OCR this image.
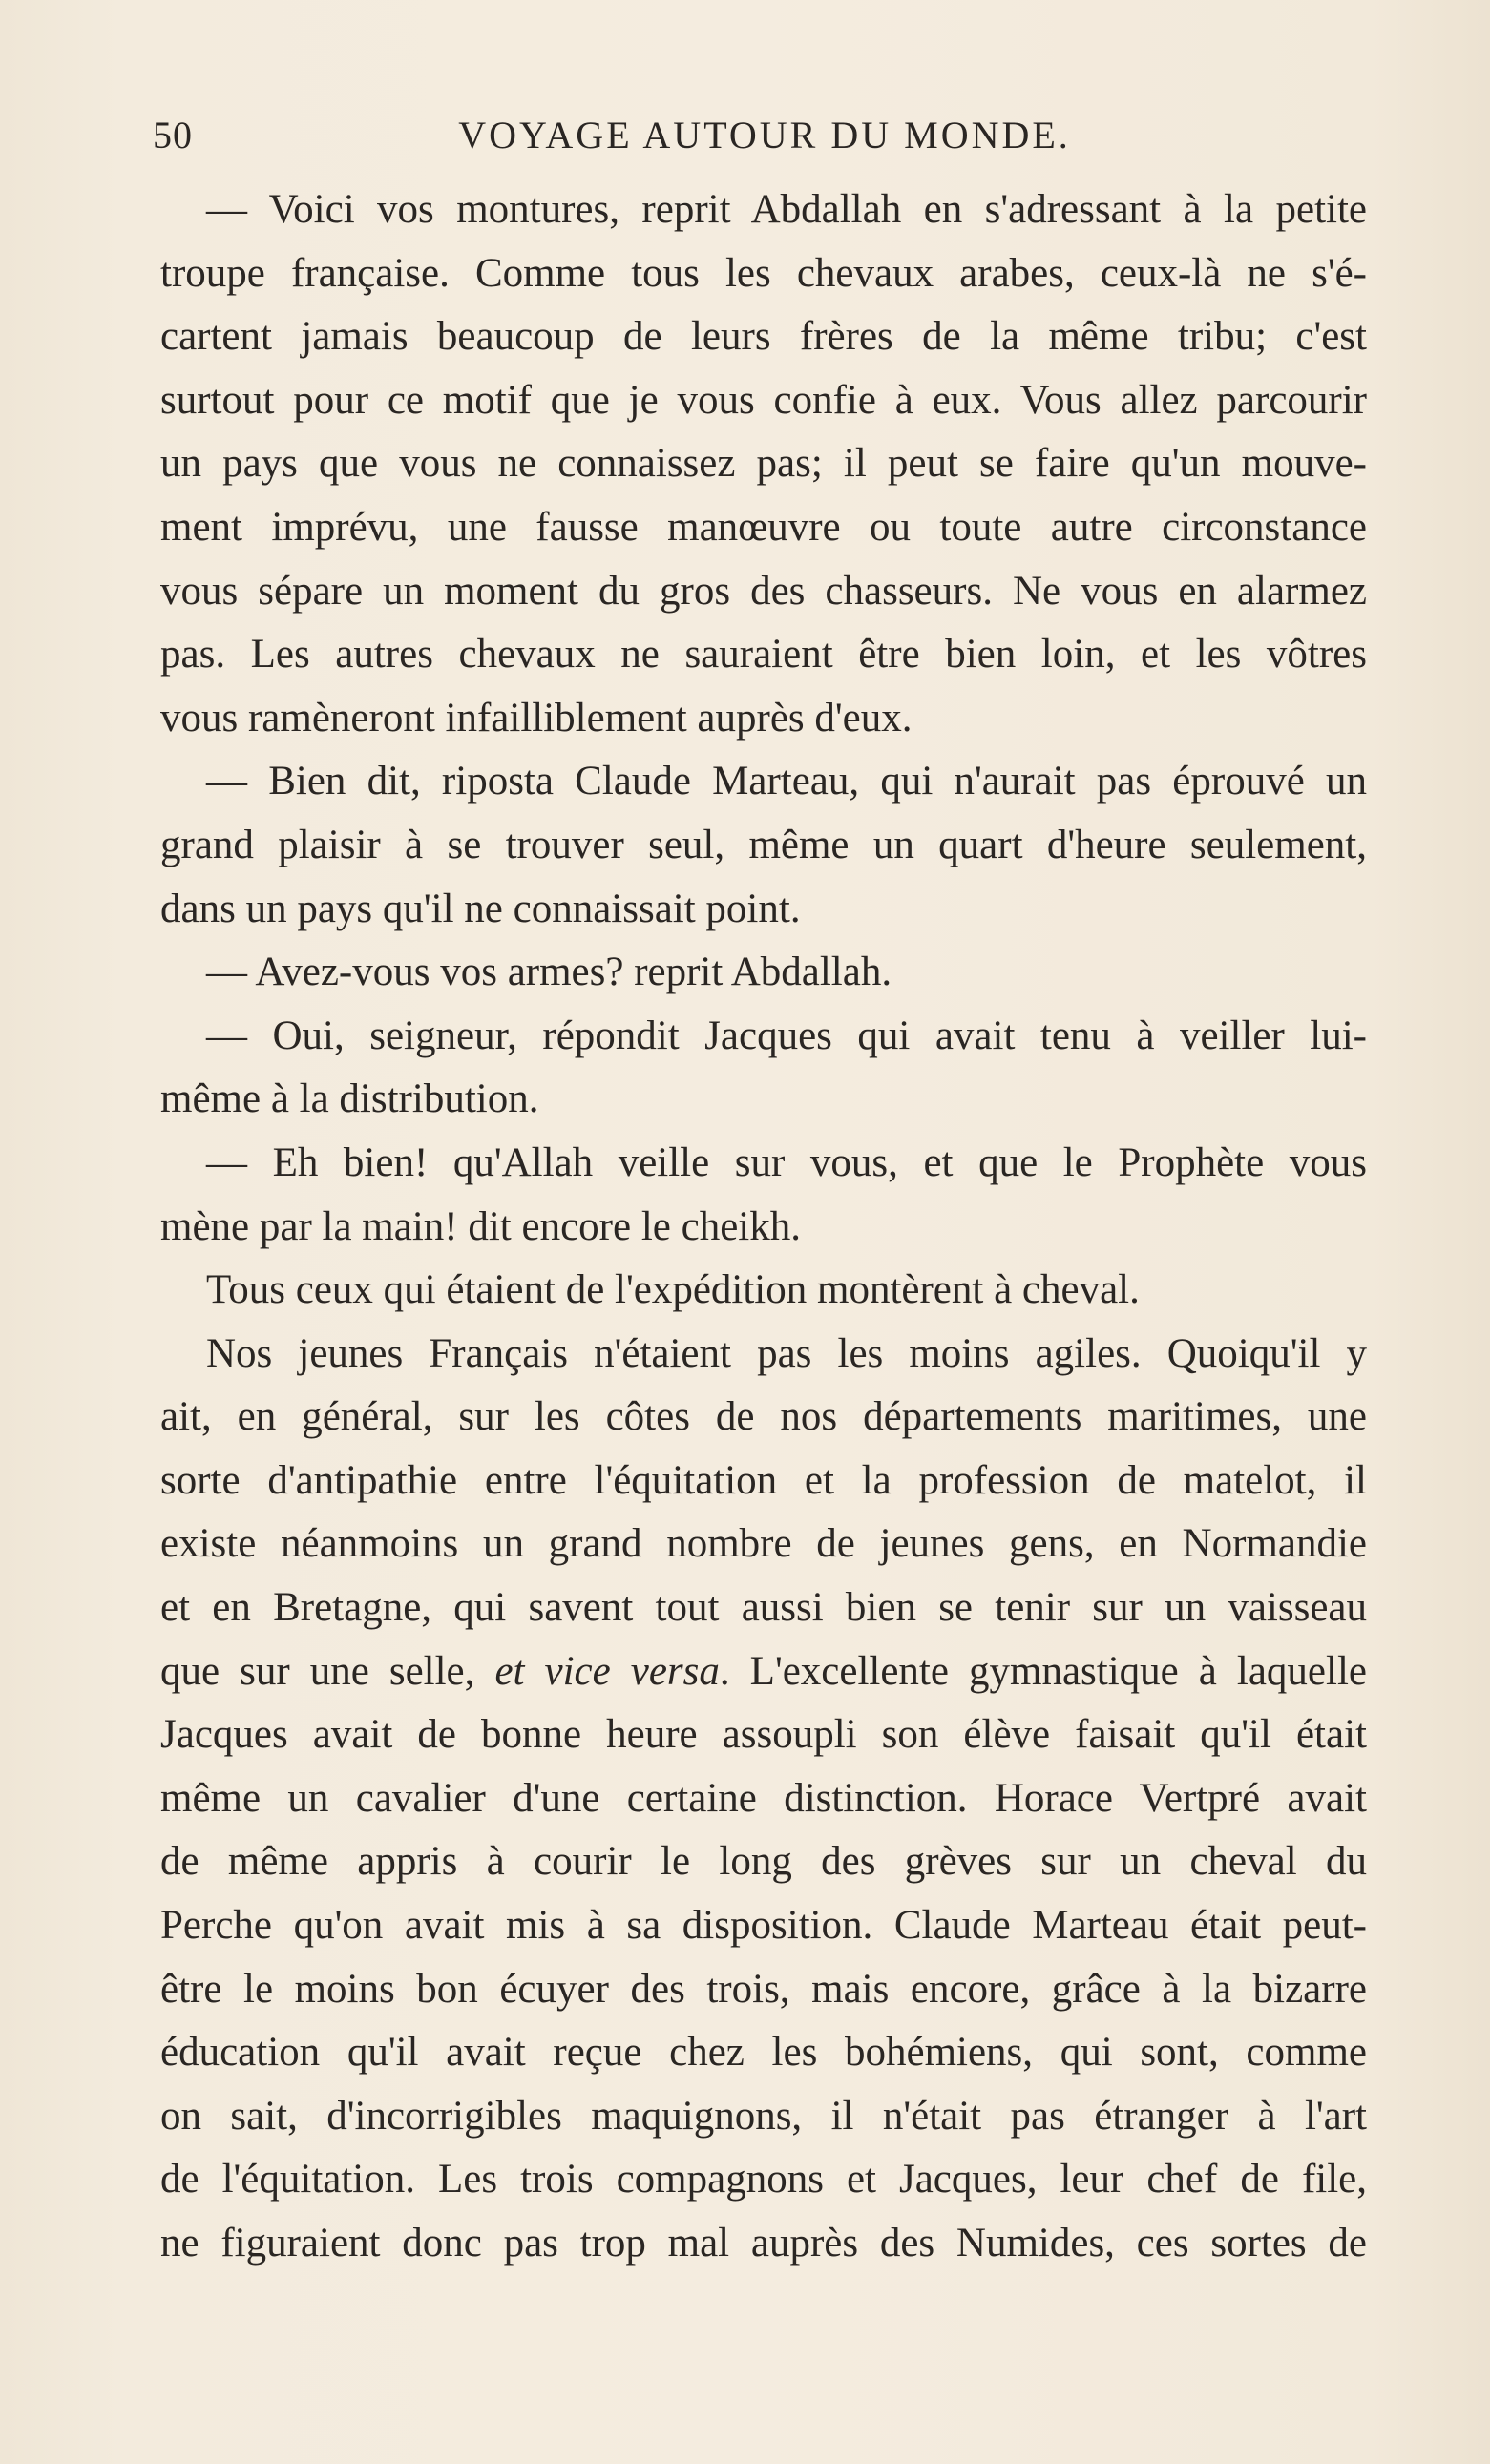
50	VOYAGE AUTOUR DU MONDE.
— Voici vos montures, reprit Abdallah en s'adressant à la petite
troupe française. Comme tous les chevaux arabes, ceux-là ne s'é-
cartent jamais beaucoup de leurs frères de la même tribu; c'est
surtout pour ce motif que je vous confie à eux. Vous allez parcourir
un pays que vous ne connaissez pas; il peut se faire qu'un mouve-
ment imprévu, une fausse manœuvre ou toute autre circonstance
vous sépare un moment du gros des chasseurs. Ne vous en alarmez
pas. Les autres chevaux ne sauraient être bien loin, et les vôtres
vous ramèneront infailliblement auprès d'eux.
— Bien dit, riposta Claude Marteau, qui n'aurait pas éprouvé un
grand plaisir à se trouver seul, même un quart d'heure seulement,
dans un pays qu'il ne connaissait point.
— Avez-vous vos armes? reprit Abdallah.
— Oui, seigneur, répondit Jacques qui avait tenu à veiller lui-
même à la distribution.
— Eh bien! qu'Allah veille sur vous, et que le Prophète vous
mène par la main! dit encore le cheikh.
Tous ceux qui étaient de l'expédition montèrent à cheval.
Nos jeunes Français n'étaient pas les moins agiles. Quoiqu'il y
ait, en général, sur les côtes de nos départements maritimes, une
sorte d'antipathie entre l'équitation et la profession de matelot, il
existe néanmoins un grand nombre de jeunes gens, en Normandie
et en Bretagne, qui savent tout aussi bien se tenir sur un vaisseau
que sur une selle, et vice versa. L'excellente gymnastique à laquelle
Jacques avait de bonne heure assoupli son élève faisait qu'il était
même un cavalier d'une certaine distinction. Horace Vertpré avait
de même appris à courir le long des grèves sur un cheval du
Perche qu'on avait mis à sa disposition. Claude Marteau était peut-
être le moins bon écuyer des trois, mais encore, grâce à la bizarre
éducation qu'il avait reçue chez les bohémiens, qui sont, comme
on sait, d'incorrigibles maquignons, il n'était pas étranger à l'art
de l'équitation. Les trois compagnons et Jacques, leur chef de file,
ne figuraient donc pas trop mal auprès des Numides, ces sortes de
